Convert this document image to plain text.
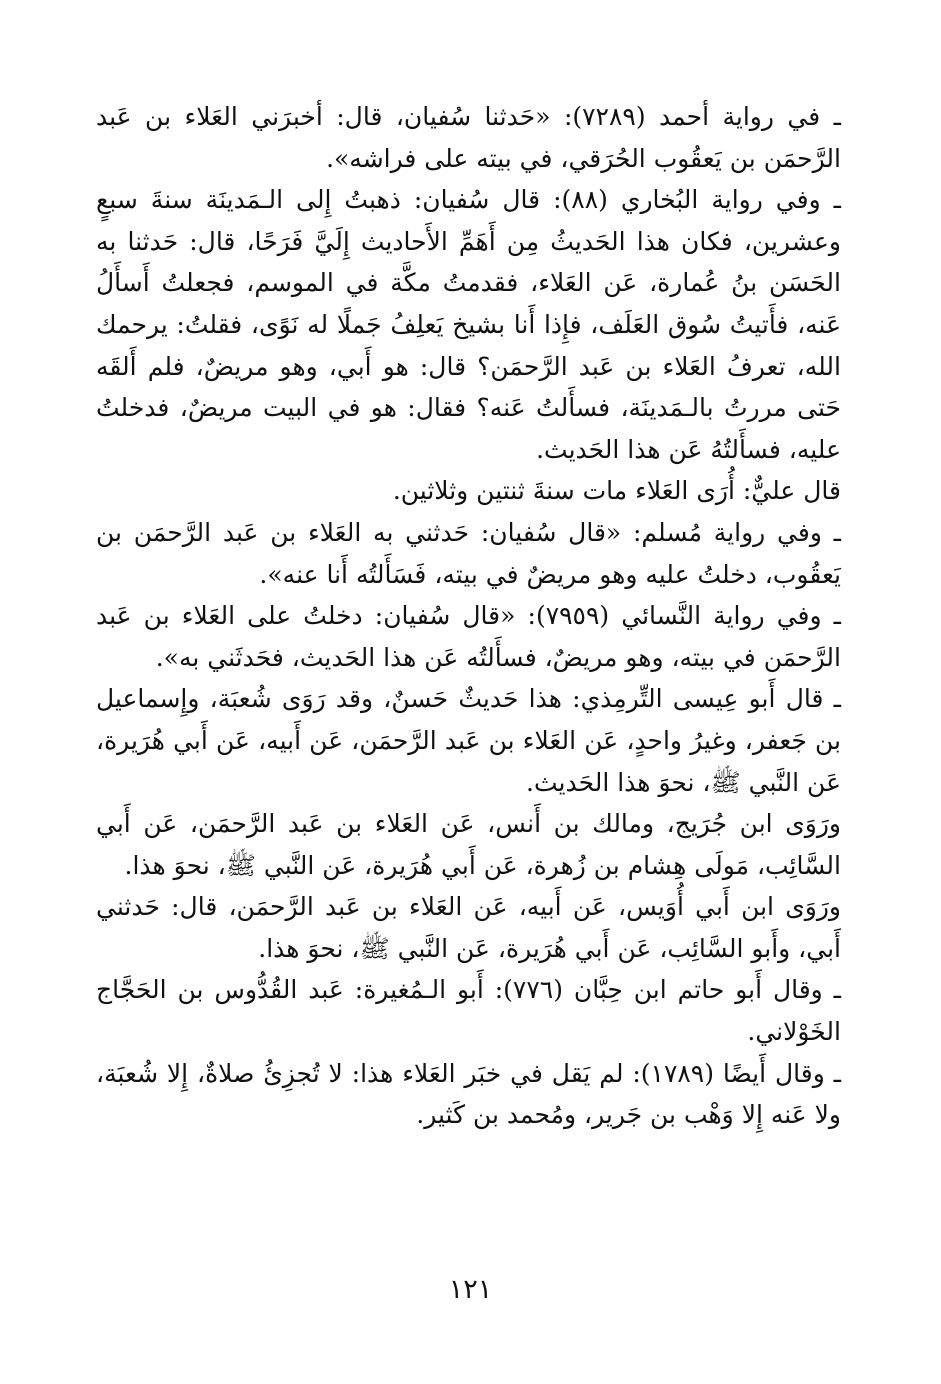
ـ في رواية أحمد (٧٢٨٩): «حَدثنا سُفيان، قال: أخبرَني العَلاء بن عَبد الرَّحمَن بن يَعقُوب الحُرَقي، في بيته على فراشه».

ـ وفي رواية البُخاري (٨٨): قال سُفيان: ذهبتُ إِلى الـمَدينَة سنةَ سبعٍ وعشرين، فكان هذا الحَديثُ مِن أَهَمِّ الأَحاديث إِلَيَّ فَرَحًا، قال: حَدثنا به الحَسَن بنُ عُمارة، عَن العَلاء، فقدمتُ مكَّة في الموسم، فجعلتُ أَسأَلُ عَنه، فأَتيتُ سُوق العَلَف، فإِذا أَنا بشيخ يَعلِفُ جَملًا له نَوًى، فقلتُ: يرحمك الله، تعرفُ العَلاء بن عَبد الرَّحمَن؟ قال: هو أَبي، وهو مريضٌ، فلم أَلقَه حَتى مررتُ بالـمَدينَة، فسأَلتُ عَنه؟ فقال: هو في البيت مريضٌ، فدخلتُ عليه، فسأَلتُهُ عَن هذا الحَديث.

قال عليٌّ: أُرَى العَلاء مات سنةَ ثنتين وثلاثين.

ـ وفي رواية مُسلم: «قال سُفيان: حَدثني به العَلاء بن عَبد الرَّحمَن بن يَعقُوب، دخلتُ عليه وهو مريضٌ في بيته، فَسَأَلتُه أَنا عنه».

ـ وفي رواية النَّسائي (٧٩٥٩): «قال سُفيان: دخلتُ على العَلاء بن عَبد الرَّحمَن في بيته، وهو مريضٌ، فسأَلتُه عَن هذا الحَديث، فحَدثَني به».

ـ قال أَبو عِيسى التِّرمِذي: هذا حَديثٌ حَسنٌ، وقد رَوَى شُعبَة، وإِسماعيل بن جَعفر، وغيرُ واحدٍ، عَن العَلاء بن عَبد الرَّحمَن، عَن أَبيه، عَن أَبي هُرَيرة، عَن النَّبي ﷺ، نحوَ هذا الحَديث.

ورَوَى ابن جُرَيج، ومالك بن أَنس، عَن العَلاء بن عَبد الرَّحمَن، عَن أَبي السَّائِب، مَولَى هِشام بن زُهرة، عَن أَبي هُرَيرة، عَن النَّبي ﷺ، نحوَ هذا.

ورَوَى ابن أَبي أُوَيس، عَن أَبيه، عَن العَلاء بن عَبد الرَّحمَن، قال: حَدثني أَبي، وأَبو السَّائِب، عَن أَبي هُرَيرة، عَن النَّبي ﷺ، نحوَ هذا.

ـ وقال أَبو حاتم ابن حِبَّان (٧٧٦): أَبو الـمُغيرة: عَبد القُدُّوس بن الحَجَّاج الخَوْلاني.

ـ وقال أَيضًا (١٧٨٩): لم يَقل في خبَر العَلاء هذا: لا تُجزِئُ صلاةٌ، إِلا شُعبَة، ولا عَنه إِلا وَهْب بن جَرير، ومُحمد بن كَثير.

١٢١
